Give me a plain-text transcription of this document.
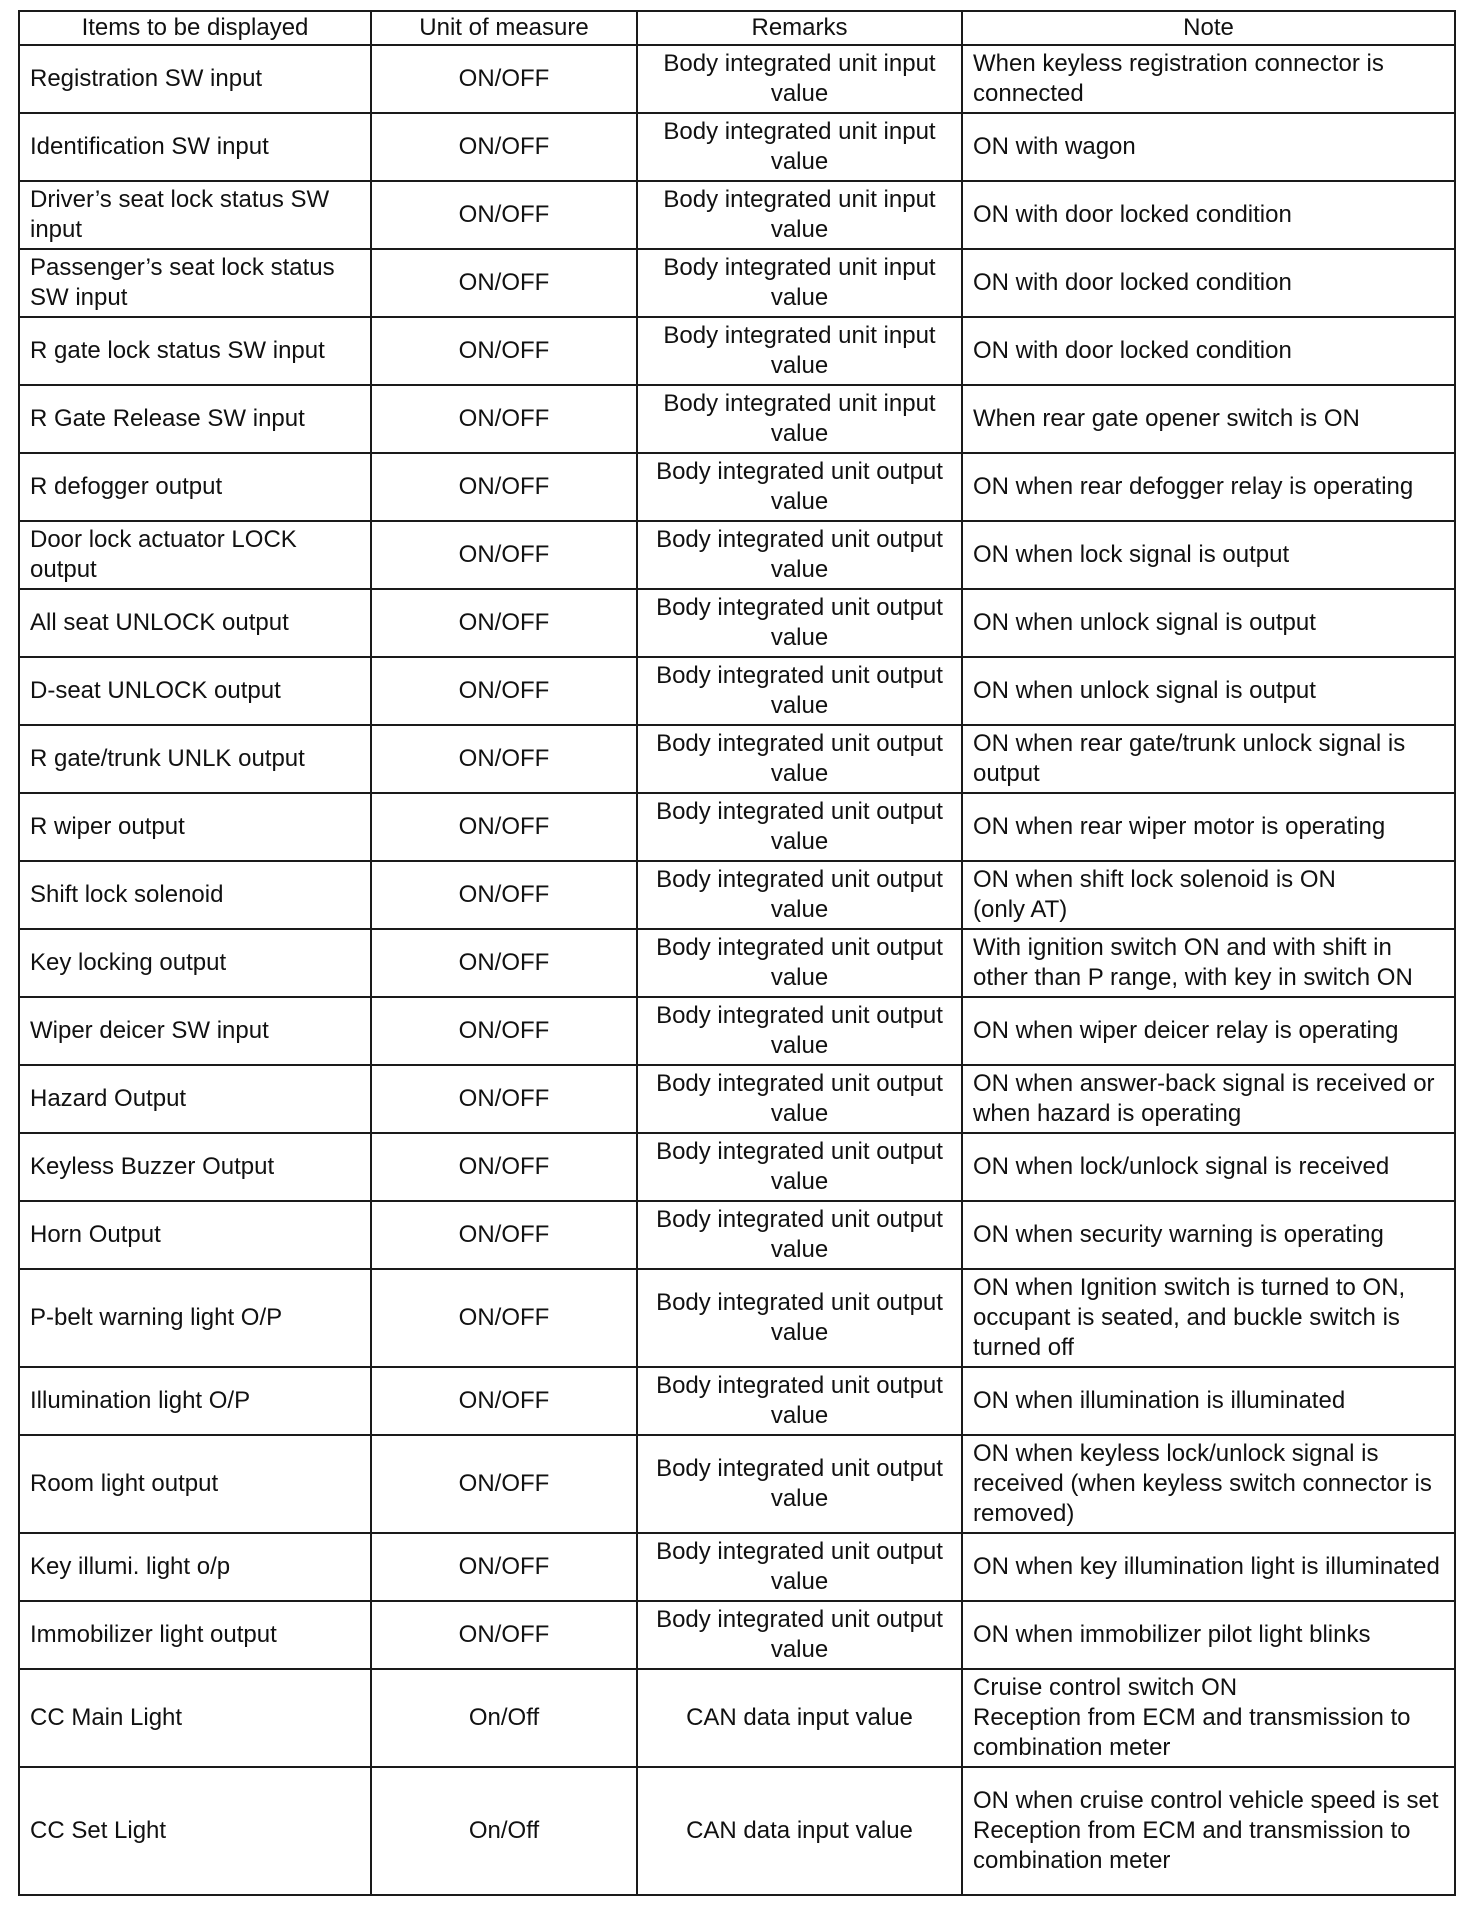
Items to be displayed	Unit of measure	Remarks	Note
Registration SW input	ON/OFF	Body integrated unit input value	When keyless registration connector is connected
Identification SW input	ON/OFF	Body integrated unit input value	ON with wagon
Driver’s seat lock status SW input	ON/OFF	Body integrated unit input value	ON with door locked condition
Passenger’s seat lock status SW input	ON/OFF	Body integrated unit input value	ON with door locked condition
R gate lock status SW input	ON/OFF	Body integrated unit input value	ON with door locked condition
R Gate Release SW input	ON/OFF	Body integrated unit input value	When rear gate opener switch is ON
R defogger output	ON/OFF	Body integrated unit output value	ON when rear defogger relay is operating
Door lock actuator LOCK output	ON/OFF	Body integrated unit output value	ON when lock signal is output
All seat UNLOCK output	ON/OFF	Body integrated unit output value	ON when unlock signal is output
D-seat UNLOCK output	ON/OFF	Body integrated unit output value	ON when unlock signal is output
R gate/trunk UNLK output	ON/OFF	Body integrated unit output value	ON when rear gate/trunk unlock signal is output
R wiper output	ON/OFF	Body integrated unit output value	ON when rear wiper motor is operating
Shift lock solenoid	ON/OFF	Body integrated unit output value	ON when shift lock solenoid is ON
(only AT)
Key locking output	ON/OFF	Body integrated unit output value	With ignition switch ON and with shift in other than P range, with key in switch ON
Wiper deicer SW input	ON/OFF	Body integrated unit output value	ON when wiper deicer relay is operating
Hazard Output	ON/OFF	Body integrated unit output value	ON when answer-back signal is received or when hazard is operating
Keyless Buzzer Output	ON/OFF	Body integrated unit output value	ON when lock/unlock signal is received
Horn Output	ON/OFF	Body integrated unit output value	ON when security warning is operating
P-belt warning light O/P	ON/OFF	Body integrated unit output value	ON when Ignition switch is turned to ON, occupant is seated, and buckle switch is turned off
Illumination light O/P	ON/OFF	Body integrated unit output value	ON when illumination is illuminated
Room light output	ON/OFF	Body integrated unit output value	ON when keyless lock/unlock signal is received (when keyless switch connector is removed)
Key illumi. light o/p	ON/OFF	Body integrated unit output value	ON when key illumination light is illuminated
Immobilizer light output	ON/OFF	Body integrated unit output value	ON when immobilizer pilot light blinks
CC Main Light	On/Off	CAN data input value	Cruise control switch ON
Reception from ECM and transmission to combination meter
CC Set Light	On/Off	CAN data input value	ON when cruise control vehicle speed is set
Reception from ECM and transmission to combination meter
